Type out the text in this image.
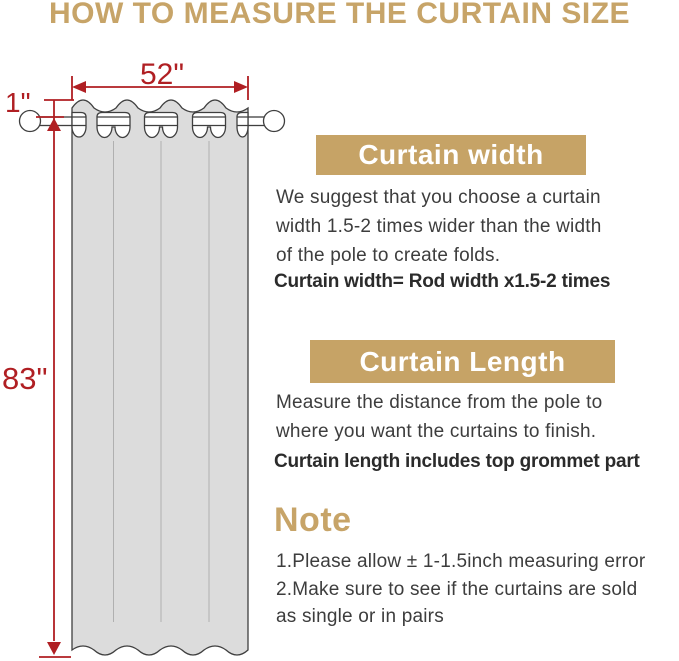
HOW TO MEASURE THE CURTAIN SIZE
52"
1"
83"
Curtain width
We suggest that you choose a curtain
width 1.5-2 times wider than the width
of the pole to create folds.
Curtain width= Rod width x1.5-2 times
Curtain Length
Measure the distance from the pole to
where you want the curtains to finish.
Curtain length includes top grommet part
Note
1.Please allow ± 1-1.5inch measuring error
2.Make sure to see if the curtains are sold
as single or in pairs
